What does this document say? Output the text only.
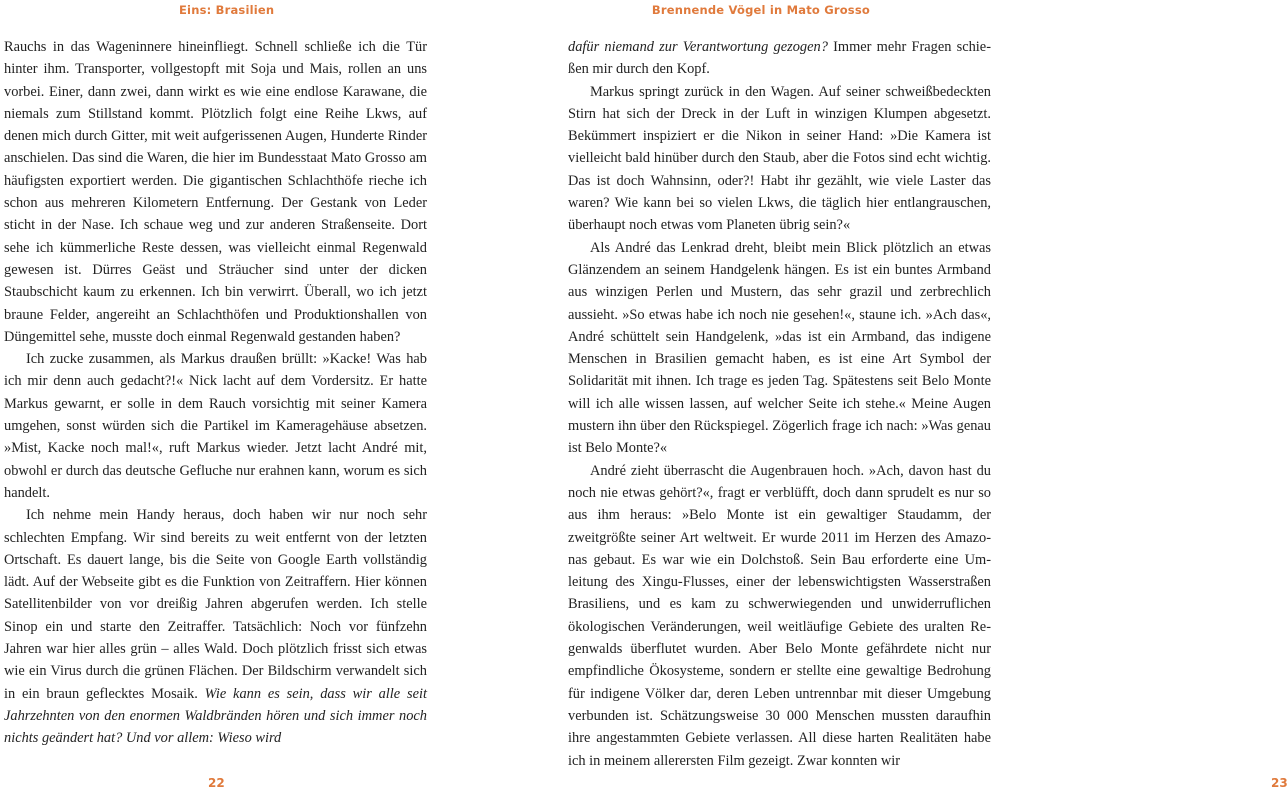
Eins: Brasilien

Rauchs in das Wageninnere hineinfliegt. Schnell schließe ich die Tür hinter ihm. Transporter, vollgestopft mit Soja und Mais, rollen an uns vorbei. Einer, dann zwei, dann wirkt es wie eine endlose Karawane, die niemals zum Stillstand kommt. Plötzlich folgt eine Reihe Lkws, auf denen mich durch Gitter, mit weit aufgerissenen Augen, Hunderte Rinder anschielen. Das sind die Waren, die hier im Bundesstaat Mato Grosso am häufigsten exportiert werden. Die gigantischen Schlachthöfe rieche ich schon aus mehreren Kilometern Entfernung. Der Gestank von Leder sticht in der Nase. Ich schaue weg und zur anderen Straßenseite. Dort sehe ich kümmerliche Reste dessen, was vielleicht einmal Regenwald gewesen ist. Dürres Geäst und Sträucher sind unter der dicken Staubschicht kaum zu erkennen. Ich bin verwirrt. Überall, wo ich jetzt braune Felder, angereiht an Schlachthöfen und Produktionshallen von Düngemittel sehe, musste doch einmal Regenwald gestanden haben?

Ich zucke zusammen, als Markus draußen brüllt: »Kacke! Was hab ich mir denn auch gedacht?!« Nick lacht auf dem Vordersitz. Er hatte Markus gewarnt, er solle in dem Rauch vorsichtig mit seiner Kamera umgehen, sonst würden sich die Partikel im Kameragehäuse absetzen. »Mist, Kacke noch mal!«, ruft Markus wieder. Jetzt lacht André mit, obwohl er durch das deutsche Gefluche nur erahnen kann, worum es sich handelt.

Ich nehme mein Handy heraus, doch haben wir nur noch sehr schlechten Empfang. Wir sind bereits zu weit entfernt von der letzten Ortschaft. Es dauert lange, bis die Seite von Google Earth vollständig lädt. Auf der Webseite gibt es die Funktion von Zeitraffern. Hier können Satellitenbilder von vor dreißig Jahren abgerufen werden. Ich stelle Sinop ein und starte den Zeitraffer. Tatsächlich: Noch vor fünfzehn Jahren war hier alles grün – alles Wald. Doch plötzlich frisst sich etwas wie ein Virus durch die grünen Flächen. Der Bildschirm verwandelt sich in ein braun geflecktes Mosaik. Wie kann es sein, dass wir alle seit Jahrzehnten von den enormen Waldbränden hören und sich immer noch nichts geändert hat? Und vor allem: Wieso wird

22
Brennende Vögel in Mato Grosso

dafür niemand zur Verantwortung gezogen? Immer mehr Fragen schießen mir durch den Kopf.

Markus springt zurück in den Wagen. Auf seiner schweißbedeckten Stirn hat sich der Dreck in der Luft in winzigen Klumpen abgesetzt. Bekümmert inspiziert er die Nikon in seiner Hand: »Die Kamera ist vielleicht bald hinüber durch den Staub, aber die Fotos sind echt wichtig. Das ist doch Wahnsinn, oder?! Habt ihr gezählt, wie viele Laster das waren? Wie kann bei so vielen Lkws, die täglich hier entlangrauschen, überhaupt noch etwas vom Planeten übrig sein?«

Als André das Lenkrad dreht, bleibt mein Blick plötzlich an etwas Glänzendem an seinem Handgelenk hängen. Es ist ein buntes Armband aus winzigen Perlen und Mustern, das sehr grazil und zerbrechlich aussieht. »So etwas habe ich noch nie gesehen!«, staune ich. »Ach das«, André schüttelt sein Handgelenk, »das ist ein Armband, das indigene Menschen in Brasilien gemacht haben, es ist eine Art Symbol der Solidarität mit ihnen. Ich trage es jeden Tag. Spätestens seit Belo Monte will ich alle wissen lassen, auf welcher Seite ich stehe.« Meine Augen mustern ihn über den Rückspiegel. Zögerlich frage ich nach: »Was genau ist Belo Monte?«

André zieht überrascht die Augenbrauen hoch. »Ach, davon hast du noch nie etwas gehört?«, fragt er verblüfft, doch dann sprudelt es nur so aus ihm heraus: »Belo Monte ist ein gewaltiger Staudamm, der zweitgrößte seiner Art weltweit. Er wurde 2011 im Herzen des Amazonas gebaut. Es war wie ein Dolchstoß. Sein Bau erforderte eine Umleitung des Xingu-Flusses, einer der lebenswichtigsten Wasserstraßen Brasiliens, und es kam zu schwerwiegenden und unwiderruflichen ökologischen Veränderungen, weil weitläufige Gebiete des uralten Regenwalds überflutet wurden. Aber Belo Monte gefährdete nicht nur empfindliche Ökosysteme, sondern er stellte eine gewaltige Bedrohung für indigene Völker dar, deren Leben untrennbar mit dieser Umgebung verbunden ist. Schätzungsweise 30 000 Menschen mussten daraufhin ihre angestammten Gebiete verlassen. All diese harten Realitäten habe ich in meinem allerersten Film gezeigt. Zwar konnten wir

23
